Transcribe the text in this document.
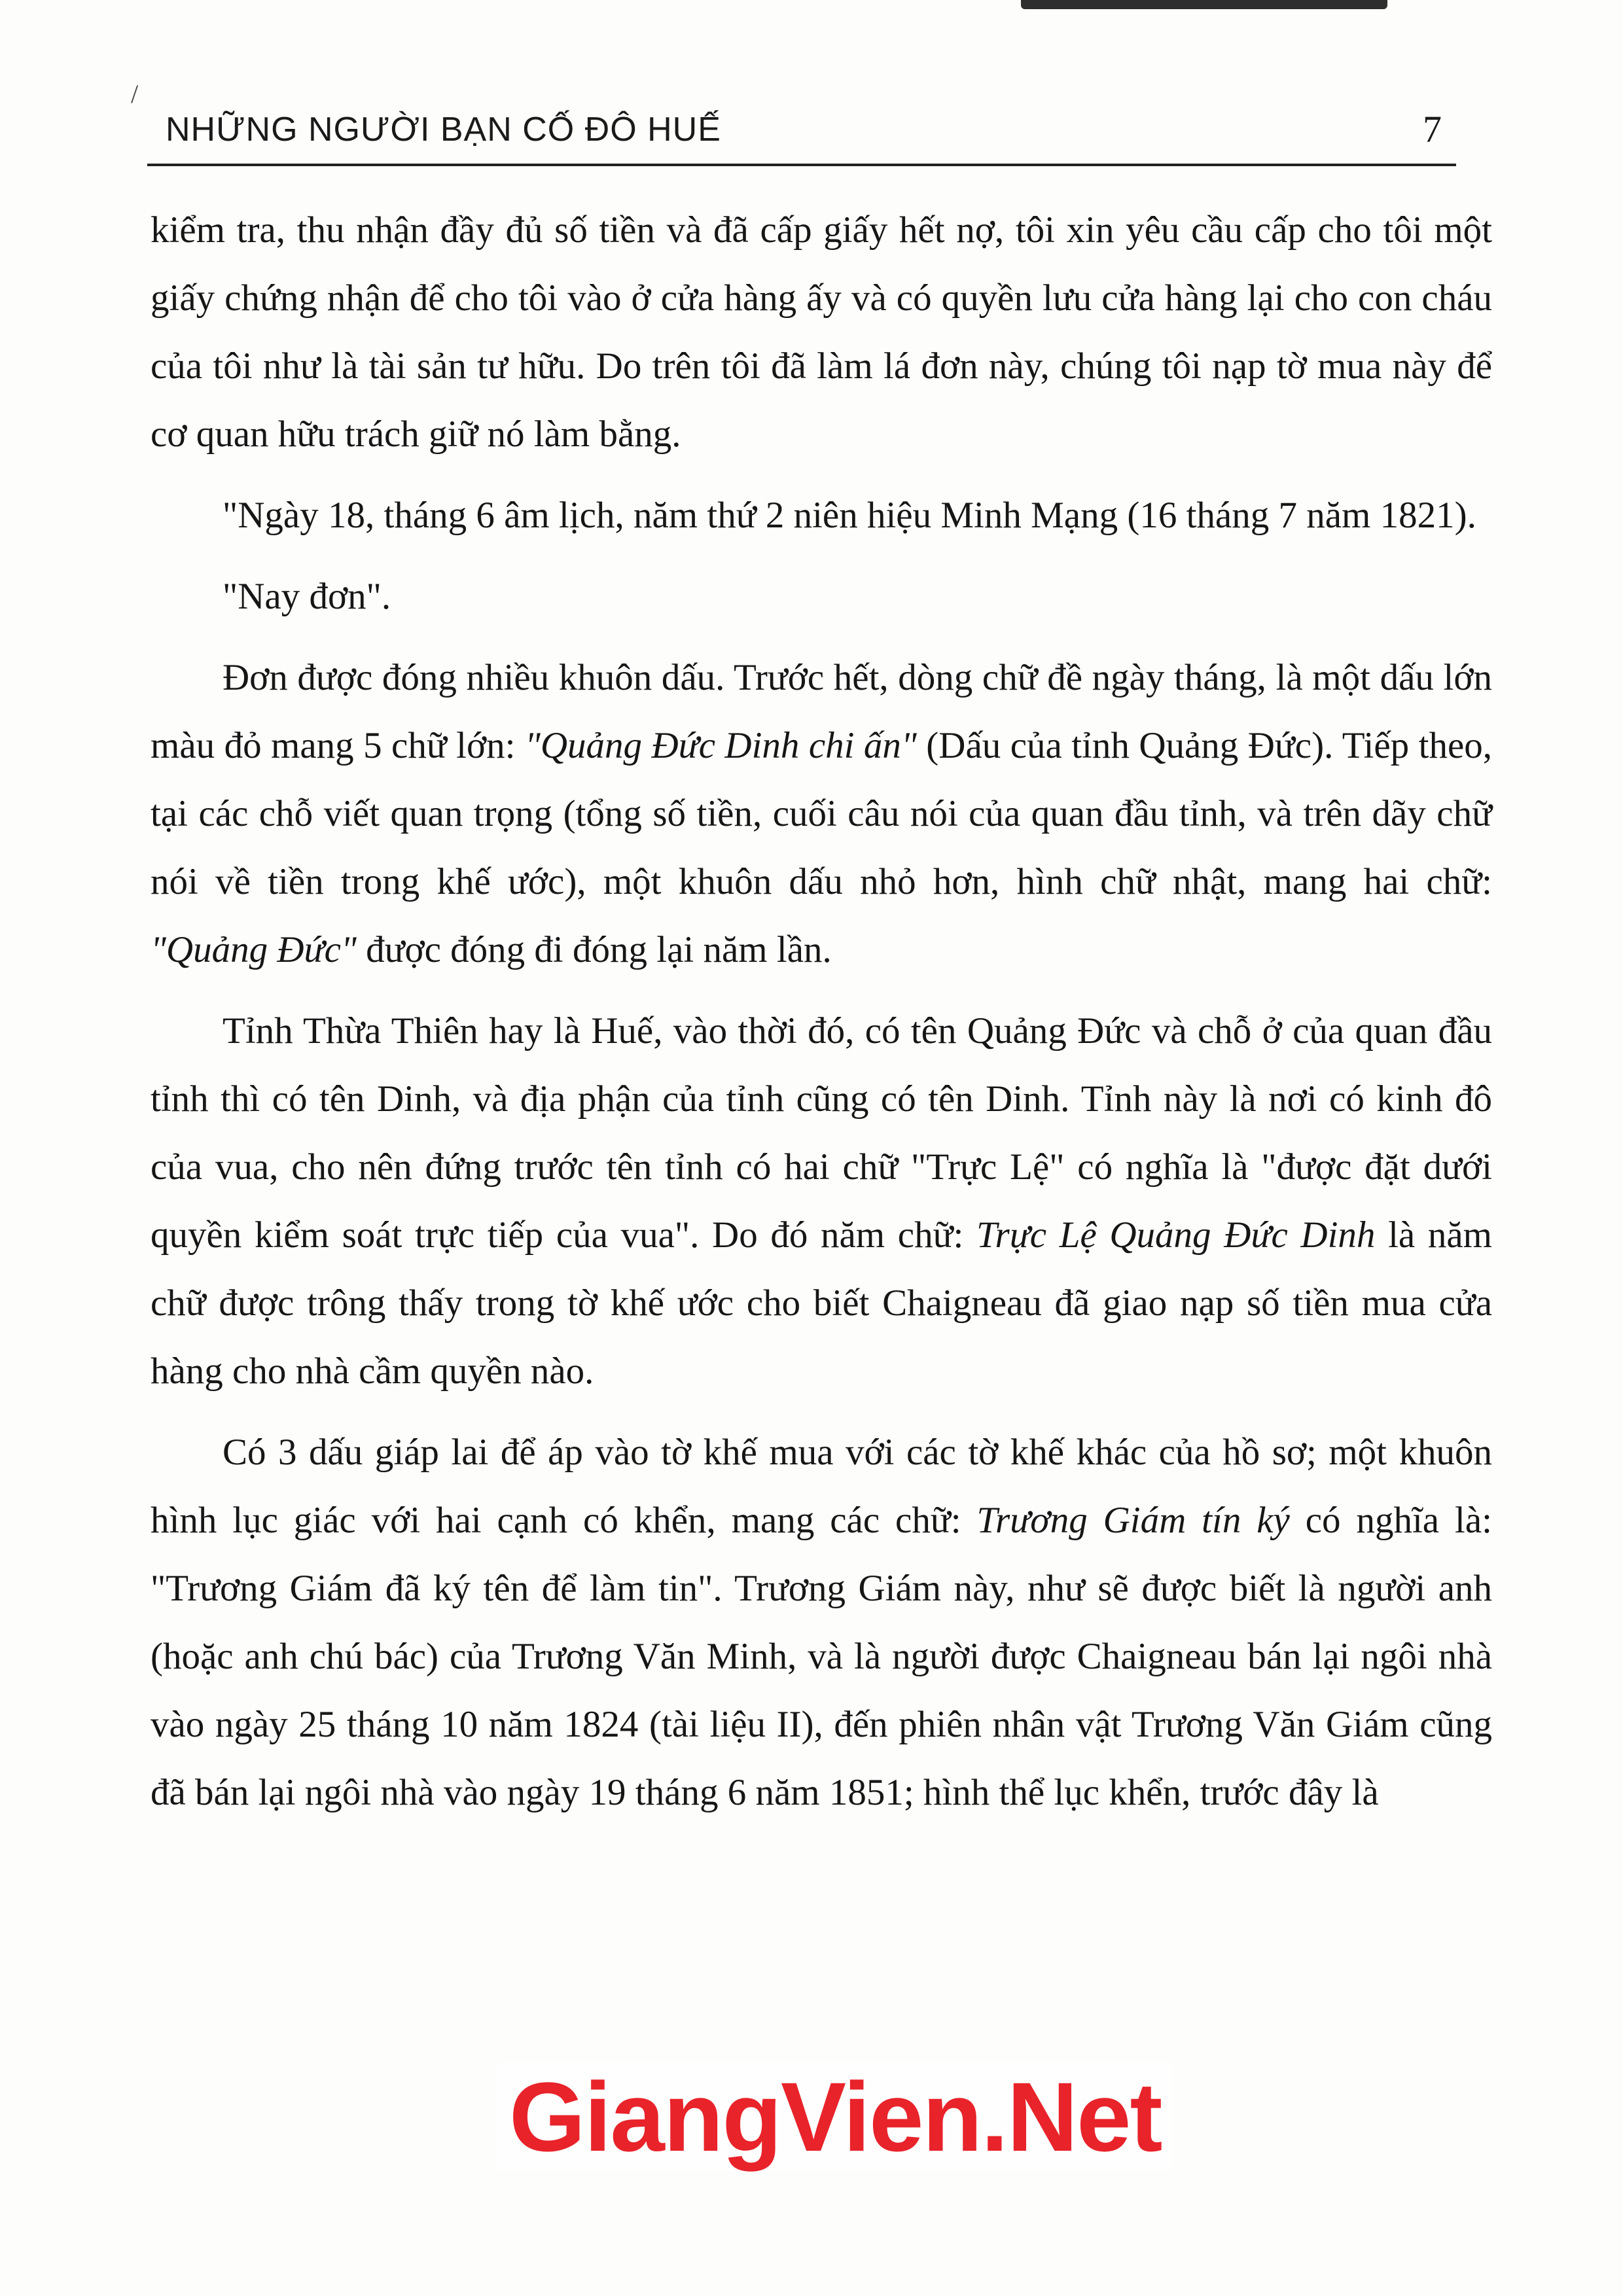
/
NHỮNG NGƯỜI BẠN CỐ ĐÔ HUẾ	7

kiểm tra, thu nhận đầy đủ số tiền và đã cấp giấy hết nợ, tôi xin yêu cầu cấp cho tôi một giấy chứng nhận để cho tôi vào ở cửa hàng ấy và có quyền lưu cửa hàng lại cho con cháu của tôi như là tài sản tư hữu. Do trên tôi đã làm lá đơn này, chúng tôi nạp tờ mua này để cơ quan hữu trách giữ nó làm bằng.

"Ngày 18, tháng 6 âm lịch, năm thứ 2 niên hiệu Minh Mạng (16 tháng 7 năm 1821).

"Nay đơn".

Đơn được đóng nhiều khuôn dấu. Trước hết, dòng chữ đề ngày tháng, là một dấu lớn màu đỏ mang 5 chữ lớn: "Quảng Đức Dinh chi ấn" (Dấu của tỉnh Quảng Đức). Tiếp theo, tại các chỗ viết quan trọng (tổng số tiền, cuối câu nói của quan đầu tỉnh, và trên dãy chữ nói về tiền trong khế ước), một khuôn dấu nhỏ hơn, hình chữ nhật, mang hai chữ: "Quảng Đức" được đóng đi đóng lại năm lần.

Tỉnh Thừa Thiên hay là Huế, vào thời đó, có tên Quảng Đức và chỗ ở của quan đầu tỉnh thì có tên Dinh, và địa phận của tỉnh cũng có tên Dinh. Tỉnh này là nơi có kinh đô của vua, cho nên đứng trước tên tỉnh có hai chữ "Trực Lệ" có nghĩa là "được đặt dưới quyền kiểm soát trực tiếp của vua". Do đó năm chữ: Trực Lệ Quảng Đức Dinh là năm chữ được trông thấy trong tờ khế ước cho biết Chaigneau đã giao nạp số tiền mua cửa hàng cho nhà cầm quyền nào.

Có 3 dấu giáp lai để áp vào tờ khế mua với các tờ khế khác của hồ sơ; một khuôn hình lục giác với hai cạnh có khển, mang các chữ: Trương Giám tín ký có nghĩa là: "Trương Giám đã ký tên để làm tin". Trương Giám này, như sẽ được biết là người anh (hoặc anh chú bác) của Trương Văn Minh, và là người được Chaigneau bán lại ngôi nhà vào ngày 25 tháng 10 năm 1824 (tài liệu II), đến phiên nhân vật Trương Văn Giám cũng đã bán lại ngôi nhà vào ngày 19 tháng 6 năm 1851; hình thể lục khển, trước đây là

GiangVien.Net
